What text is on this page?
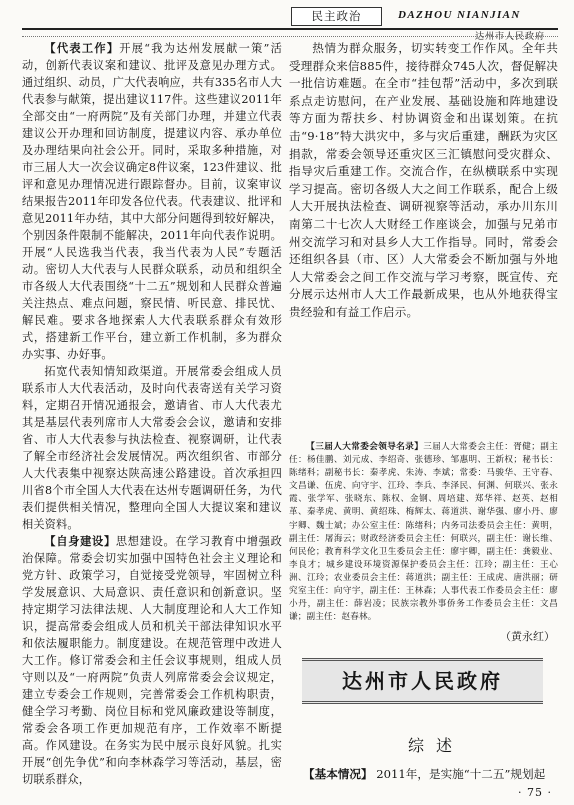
民主政治	DAZHOU NIANJIAN
达州市人民政府

【 代表工作 】 开展“我为达州发展献一策”活动，创新代表议案和建议、批评及意见办理方式。通过组织、动员，广大代表响应，共有335名市人大代表参与献策，提出建议117件。这些建议2011年全部交由“一府两院”及有关部门办理，并建立代表建议公开办理和回访制度，提建议内容、承办单位及办理结果向社会公开。同时，采取多种措施，对市三届人大一次会议确定8件议案，123件建议、批评和意见办理情况进行跟踪督办。目前，议案审议结果报告2011年印发各位代表。代表建议、批评和意见2011年办结，其中大部分问题得到较好解决，个别因条件限制不能解决，2011年向代表作说明。开展“人民选我当代表，我当代表为人民”专题活动。密切人大代表与人民群众联系，动员和组织全市各级人大代表围绕“十二五”规划和人民群众普遍关注热点、难点问题，察民情、听民意、排民忧、解民难。要求各地探索人大代表联系群众有效形式，搭建新工作平台，建立新工作机制，多为群众办实事、办好事。

拓宽代表知情知政渠道。开展常委会组成人员联系市人大代表活动，及时向代表寄送有关学习资料，定期召开情况通报会，邀请省、市人大代表尤其是基层代表列席市人大常委会会议，邀请和安排省、市人大代表参与执法检查、视察调研，让代表了解全市经济社会发展情况。两次组织省、市部分人大代表集中视察达陕高速公路建设。首次承担四川省8个市全国人大代表在达州专题调研任务，为代表们提供相关情况，整理向全国人大提议案和建议相关资料。

【 自身建设 】 思想建设。在学习教育中增强政治保障。常委会切实加强中国特色社会主义理论和党方针、政策学习，自觉接受党领导，牢固树立科学发展意识、大局意识、责任意识和创新意识。坚持定期学习法律法规、人大制度理论和人大工作知识，提高常委会组成人员和机关干部法律知识水平和依法履职能力。制度建设。在规范管理中改进人大工作。修订常委会和主任会议事规则，组成人员守则以及“一府两院”负责人列席常委会会议规定，建立专委会工作规则，完善常委会工作机构职责，健全学习考勤、岗位目标和党风廉政建设等制度，常委会各项工作更加规范有序，工作效率不断提高。作风建设。在务实为民中展示良好风貌。扎实开展“创先争优”和向李林森学习等活动，基层，密切联系群众，

热情为群众服务，切实转变工作作风。全年共受理群众来信885件，接待群众745人次，督促解决一批信访难题。在全市“挂包帮”活动中，多次到联系点走访慰问，在产业发展、基础设施和阵地建设等方面为帮扶乡、村协调资金和出谋划策。在抗击“9·18”特大洪灾中，多与灾后重建，酬跃为灾区捐款，常委会领导还重灾区三汇镇慰问受灾群众、指导灾后重建工作。交流合作，在纵横联系中实现学习提高。密切各级人大之间工作联系，配合上级人大开展执法检查、调研视察等活动，承办川东川南第二十七次人大财经工作座谈会，加强与兄弟市州交流学习和对县乡人大工作指导。同时，常委会还组织各县（市、区）人大常委会不断加强与外地人大常委会之间工作交流与学习考察，既宣传、充分展示达州市人大工作最新成果，也从外地获得宝贵经验和有益工作启示。

【 三届人大常委会领导名录 】 三届人大常委会主任：胥健；副主任：杨佳鹏、刘元成、李绍奇、张德珍、邹惠明、王新权；秘书长：陈绪科；副秘书长：秦孝虎、朱涛、李斌；常委：马骏华、王守春、文昌谦、伍虎、向守宇、江玲、李兵、李泽民、何渊、何联兴、张永霞、张学军、张晓东、陈权、金钢、周培建、郑华祥、赵英、赵相革、秦孝虎、黄明、黄绍珠、梅辉太、蒋道洪、谢华强、廖小丹、廖宇卿、魏士斌；办公室主任：陈绪科；内务司法委员会主任：黄明，副主任：屠海云；财政经济委员会主任：何联兴，副主任：谢长维、何民伦；教育科学文化卫生委员会主任：廖宇卿，副主任：龚毅业、李良才；城乡建设环境资源保护委员会主任：江玲；副主任：王心洲、江玲；农业委员会主任：蒋道洪；副主任：王成虎、唐洪丽；研究室主任：向守宇，副主任：王林森；人事代表工作委员会主任：廖小丹，副主任：薛岩凌；民族宗教外事侨务工作委员会主任：文昌谦；副主任：赵春林。

（ 黄永红 ）
达州市人民政府
综述
【 基本情况 】 2011年，是实施“十二五”规划起
· 75 ·
